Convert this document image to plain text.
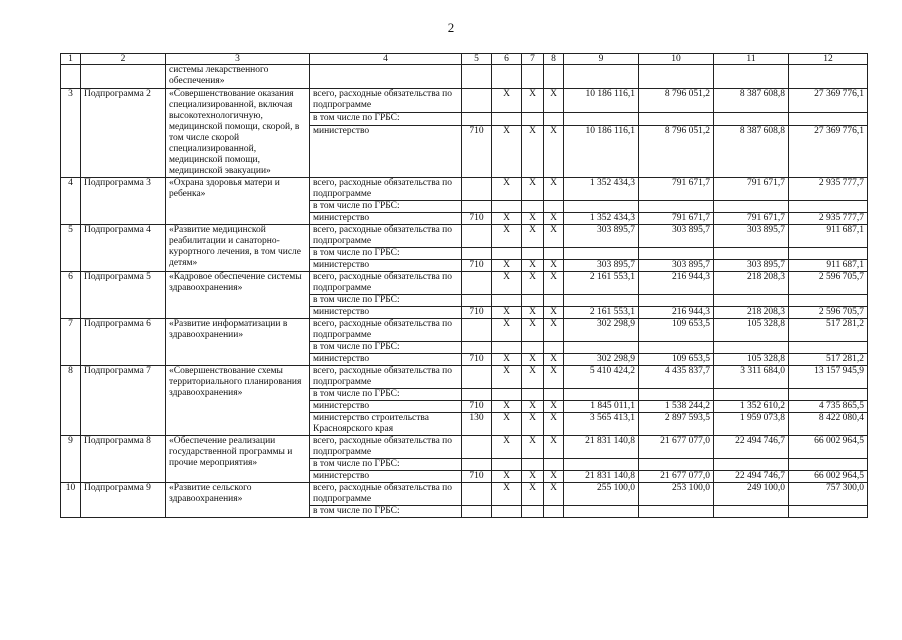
2
1	2	3	4	5	6	7	8	9	10	11	12
		системы лекарственного обеспечения»									
3	Подпрограмма 2	«Совершенствование оказания специализированной, включая высокотехнологичную, медицинской помощи, скорой, в том числе скорой специализированной, медицинской помощи, медицинской эвакуации»	всего, расходные обязательства по подпрограмме		X	X	X	10 186 116,1	8 796 051,2	8 387 608,8	27 369 776,1
			в том числе по ГРБС:								
			министерство	710	X	X	X	10 186 116,1	8 796 051,2	8 387 608,8	27 369 776,1
4	Подпрограмма 3	«Охрана здоровья матери и ребенка»	всего, расходные обязательства по подпрограмме		X	X	X	1 352 434,3	791 671,7	791 671,7	2 935 777,7
			в том числе по ГРБС:								
			министерство	710	X	X	X	1 352 434,3	791 671,7	791 671,7	2 935 777,7
5	Подпрограмма 4	«Развитие медицинской реабилитации и санаторно-курортного лечения, в том числе детям»	всего, расходные обязательства по подпрограмме		X	X	X	303 895,7	303 895,7	303 895,7	911 687,1
			в том числе по ГРБС:								
			министерство	710	X	X	X	303 895,7	303 895,7	303 895,7	911 687,1
6	Подпрограмма 5	«Кадровое обеспечение системы здравоохранения»	всего, расходные обязательства по подпрограмме		X	X	X	2 161 553,1	216 944,3	218 208,3	2 596 705,7
			в том числе по ГРБС:								
			министерство	710	X	X	X	2 161 553,1	216 944,3	218 208,3	2 596 705,7
7	Подпрограмма 6	«Развитие информатизации в здравоохранении»	всего, расходные обязательства по подпрограмме		X	X	X	302 298,9	109 653,5	105 328,8	517 281,2
			в том числе по ГРБС:								
			министерство	710	X	X	X	302 298,9	109 653,5	105 328,8	517 281,2
8	Подпрограмма 7	«Совершенствование схемы территориального планирования здравоохранения»	всего, расходные обязательства по подпрограмме		X	X	X	5 410 424,2	4 435 837,7	3 311 684,0	13 157 945,9
			в том числе по ГРБС:								
			министерство	710	X	X	X	1 845 011,1	1 538 244,2	1 352 610,2	4 735 865,5
			министерство строительства Красноярского края	130	X	X	X	3 565 413,1	2 897 593,5	1 959 073,8	8 422 080,4
9	Подпрограмма 8	«Обеспечение реализации государственной программы и прочие мероприятия»	всего, расходные обязательства по подпрограмме		X	X	X	21 831 140,8	21 677 077,0	22 494 746,7	66 002 964,5
			в том числе по ГРБС:								
			министерство	710	X	X	X	21 831 140,8	21 677 077,0	22 494 746,7	66 002 964,5
10	Подпрограмма 9	«Развитие сельского здравоохранения»	всего, расходные обязательства по подпрограмме		X	X	X	255 100,0	253 100,0	249 100,0	757 300,0
			в том числе по ГРБС:								
